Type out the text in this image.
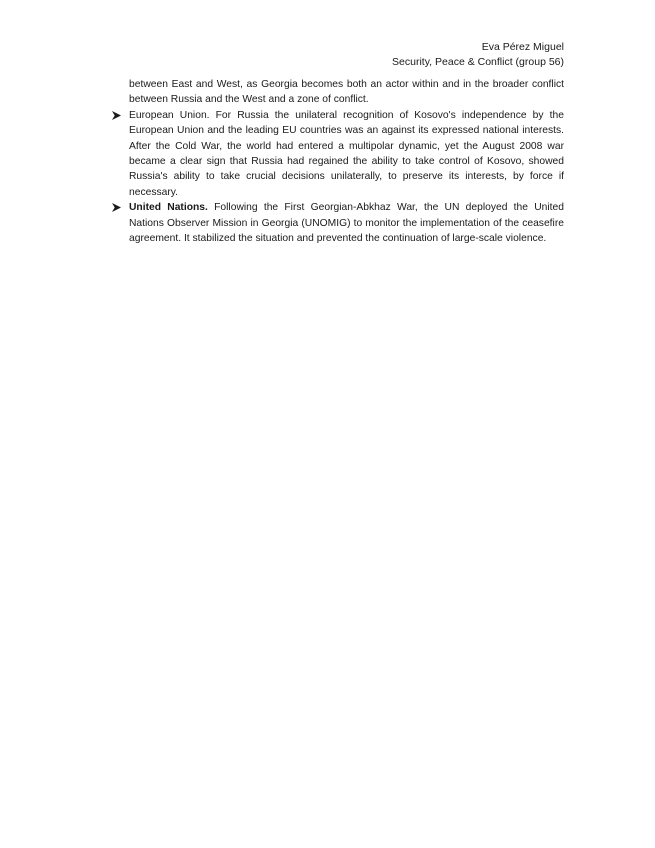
Eva Pérez Miguel
Security, Peace & Conflict (group 56)

between East and West, as Georgia becomes both an actor within and in the broader conflict between Russia and the West and a zone of conflict.

European Union. For Russia the unilateral recognition of Kosovo's independence by the European Union and the leading EU countries was an against its expressed national interests. After the Cold War, the world had entered a multipolar dynamic, yet the August 2008 war became a clear sign that Russia had regained the ability to take control of Kosovo, showed Russia's ability to take crucial decisions unilaterally, to preserve its interests, by force if necessary.
United Nations. Following the First Georgian-Abkhaz War, the UN deployed the United Nations Observer Mission in Georgia (UNOMIG) to monitor the implementation of the ceasefire agreement. It stabilized the situation and prevented the continuation of large-scale violence.
